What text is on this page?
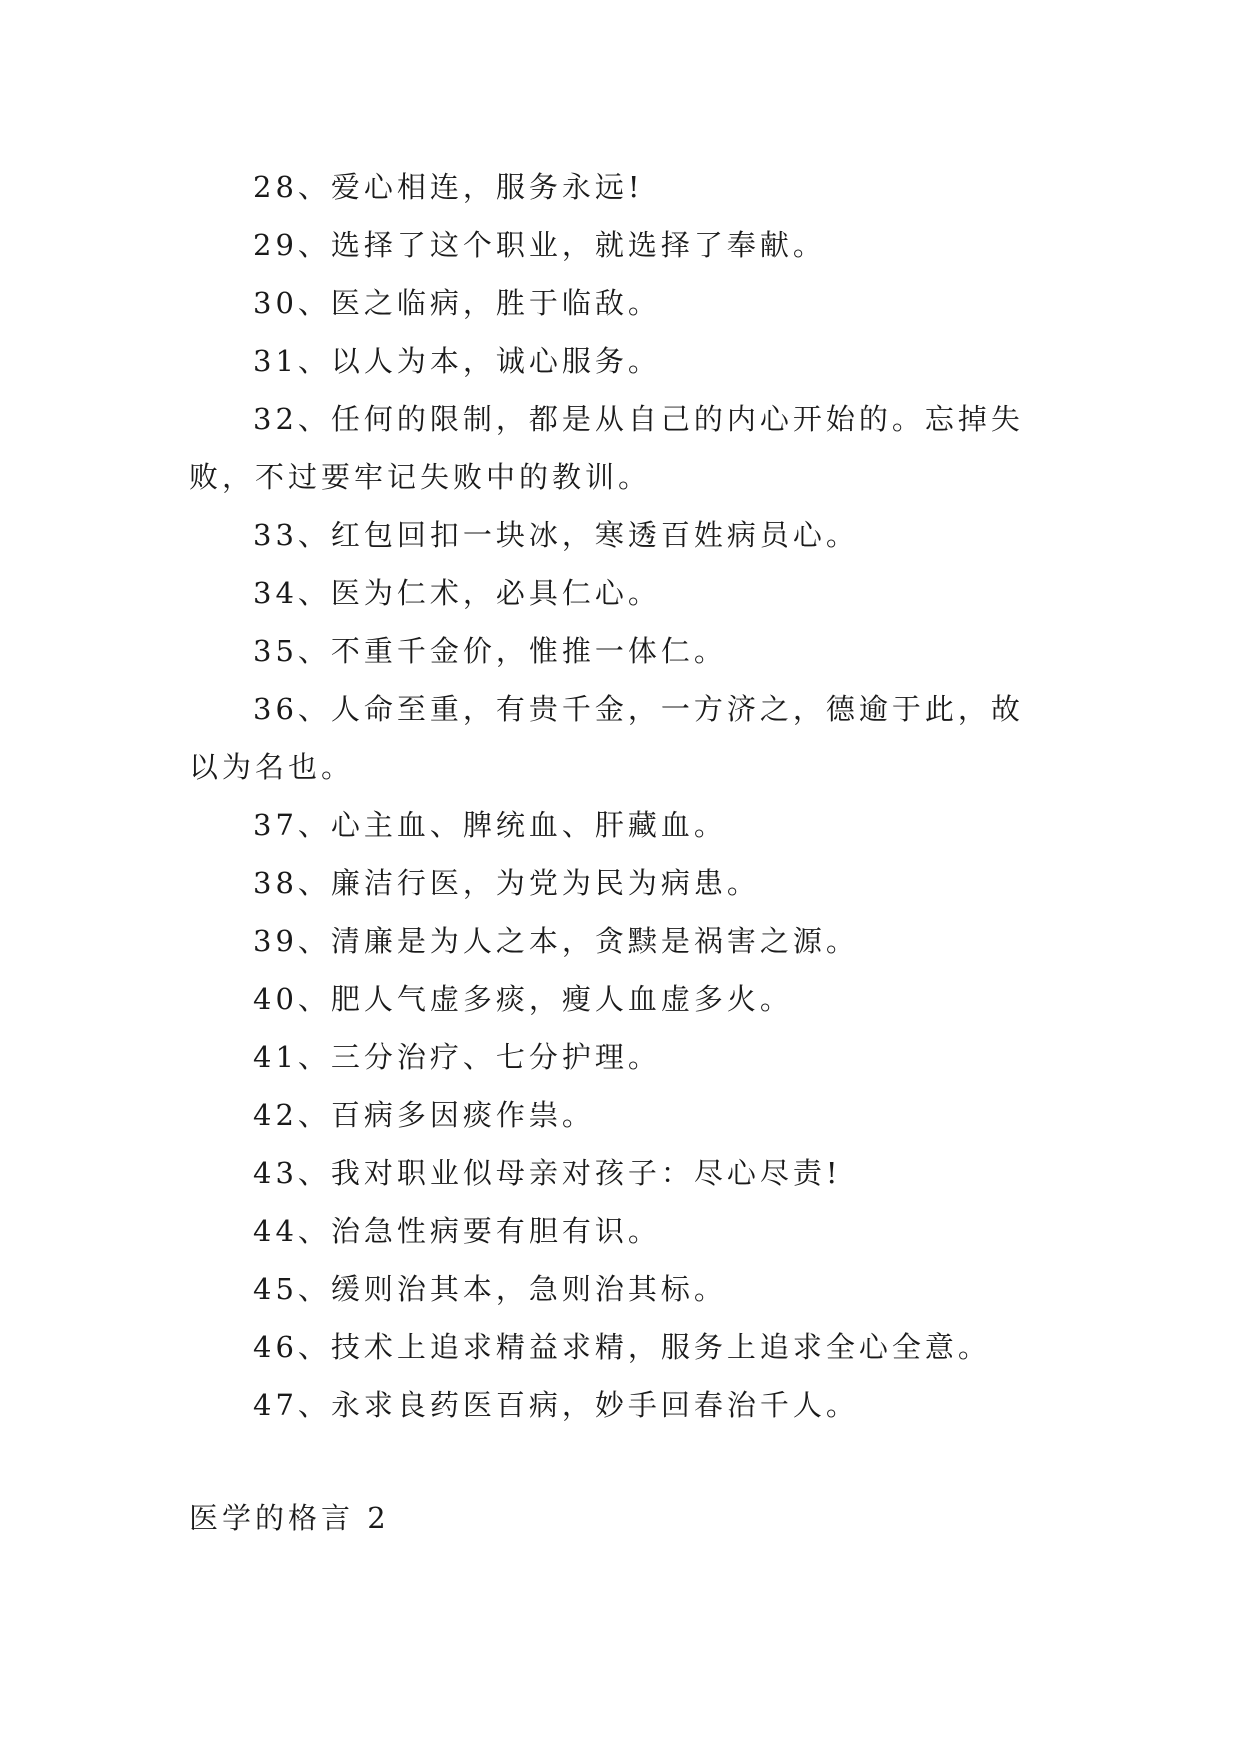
28、爱心相连，服务永远!

29、选择了这个职业，就选择了奉献。

30、医之临病，胜于临敌。

31、以人为本，诚心服务。

32、任何的限制，都是从自己的内心开始的。忘掉失败，不过要牢记失败中的教训。

33、红包回扣一块冰，寒透百姓病员心。

34、医为仁术，必具仁心。

35、不重千金价，惟推一体仁。

36、人命至重，有贵千金，一方济之，德逾于此，故以为名也。

37、心主血、脾统血、肝藏血。

38、廉洁行医，为党为民为病患。

39、清廉是为人之本，贪黩是祸害之源。

40、肥人气虚多痰，瘦人血虚多火。

41、三分治疗、七分护理。

42、百病多因痰作祟。

43、我对职业似母亲对孩子：尽心尽责!

44、治急性病要有胆有识。

45、缓则治其本，急则治其标。

46、技术上追求精益求精，服务上追求全心全意。

47、永求良药医百病，妙手回春治千人。

医学的格言 2
